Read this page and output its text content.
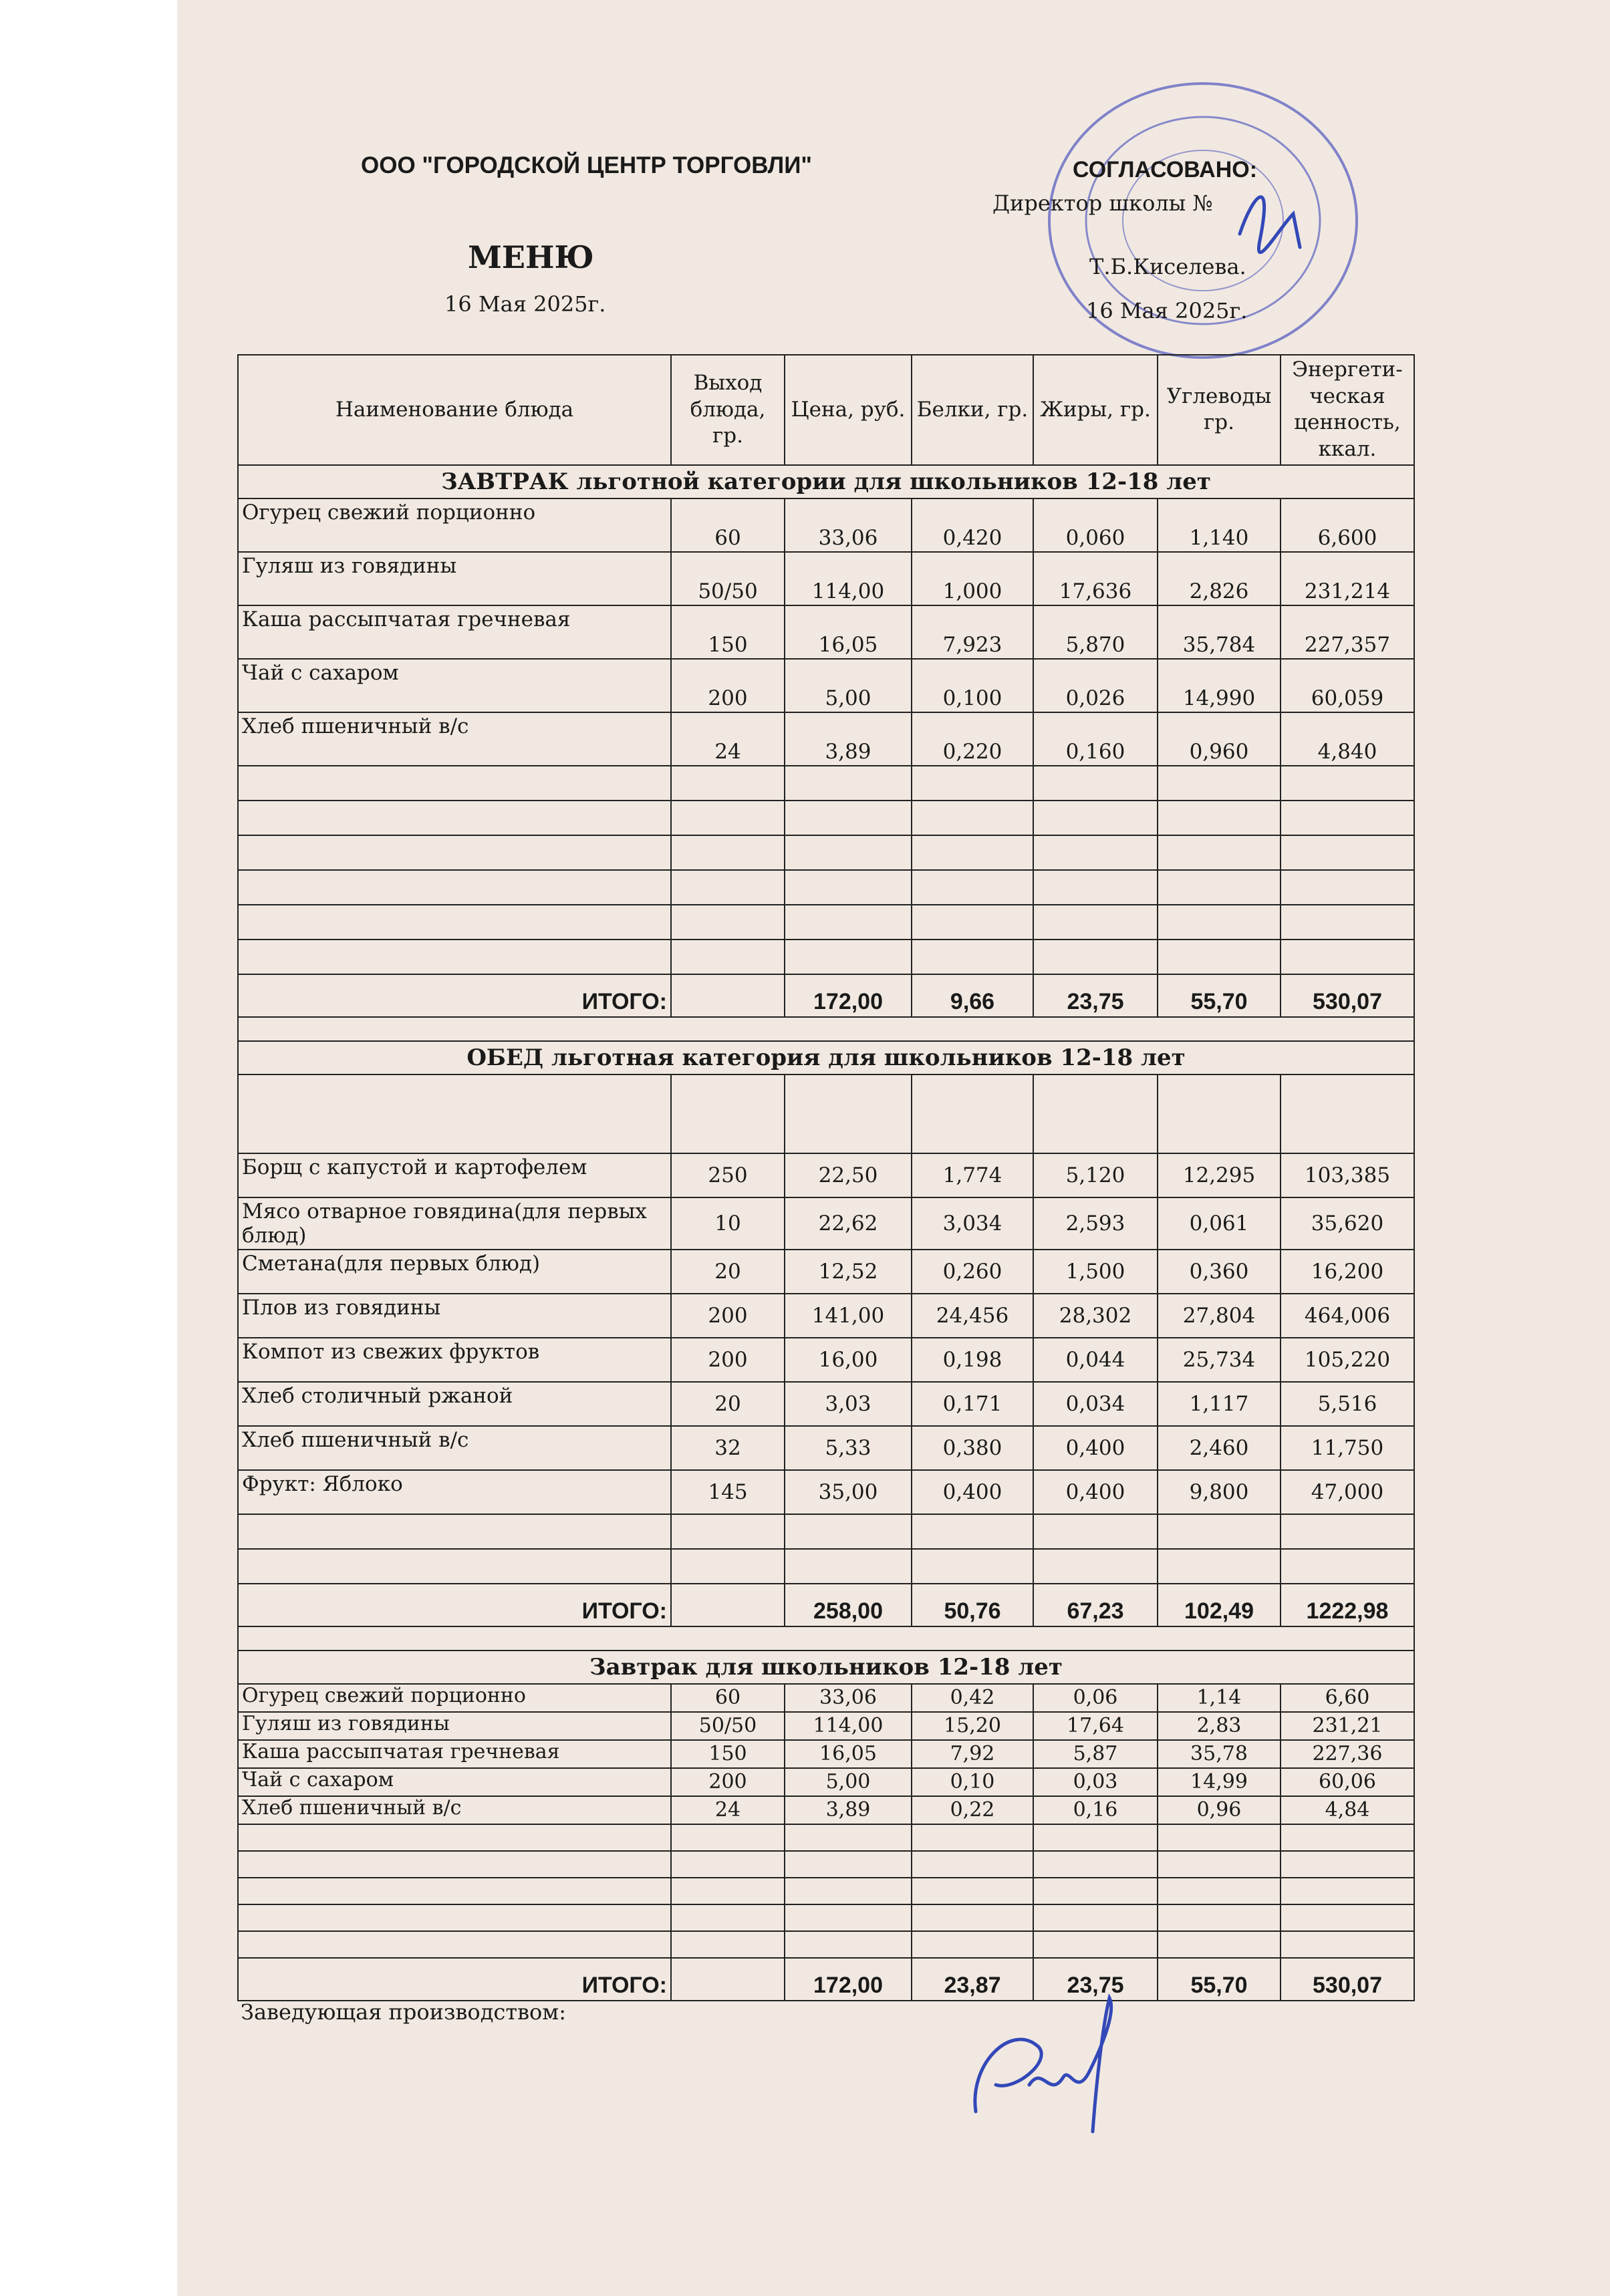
ООО "ГОРОДСКОЙ ЦЕНТР ТОРГОВЛИ"
МЕНЮ
16 Мая 2025г.
СОГЛАСОВАНО:
Директор школы №
Т.Б.Киселева.
16 Мая 2025г.
Наименование блюда	Выход блюда, гр.	Цена, руб.	Белки, гр.	Жиры, гр.	Углеводы гр.	Энергети-ческая ценность, ккал.
ЗАВТРАК льготной категории для школьников 12-18 лет						
Огурец свежий порционно	60	33,06	0,420	0,060	1,140	6,600
Гуляш из говядины	50/50	114,00	1,000	17,636	2,826	231,214
Каша рассыпчатая гречневая	150	16,05	7,923	5,870	35,784	227,357
Чай с сахаром	200	5,00	0,100	0,026	14,990	60,059
Хлеб пшеничный в/с	24	3,89	0,220	0,160	0,960	4,840

ИТОГО:		172,00	9,66	23,75	55,70	530,07

ОБЕД льготная категория для школьников 12-18 лет						

Борщ с капустой и картофелем	250	22,50	1,774	5,120	12,295	103,385
Мясо отварное говядина(для первых блюд)	10	22,62	3,034	2,593	0,061	35,620
Сметана(для первых блюд)	20	12,52	0,260	1,500	0,360	16,200
Плов из говядины	200	141,00	24,456	28,302	27,804	464,006
Компот из свежих фруктов	200	16,00	0,198	0,044	25,734	105,220
Хлеб столичный ржаной	20	3,03	0,171	0,034	1,117	5,516
Хлеб пшеничный в/с	32	5,33	0,380	0,400	2,460	11,750
Фрукт: Яблоко	145	35,00	0,400	0,400	9,800	47,000

ИТОГО:		258,00	50,76	67,23	102,49	1222,98

Завтрак для школьников 12-18 лет						
Огурец свежий порционно	60	33,06	0,42	0,06	1,14	6,60
Гуляш из говядины	50/50	114,00	15,20	17,64	2,83	231,21
Каша рассыпчатая гречневая	150	16,05	7,92	5,87	35,78	227,36
Чай с сахаром	200	5,00	0,10	0,03	14,99	60,06
Хлеб пшеничный в/с	24	3,89	0,22	0,16	0,96	4,84

ИТОГО:		172,00	23,87	23,75	55,70	530,07
Заведующая производством:
